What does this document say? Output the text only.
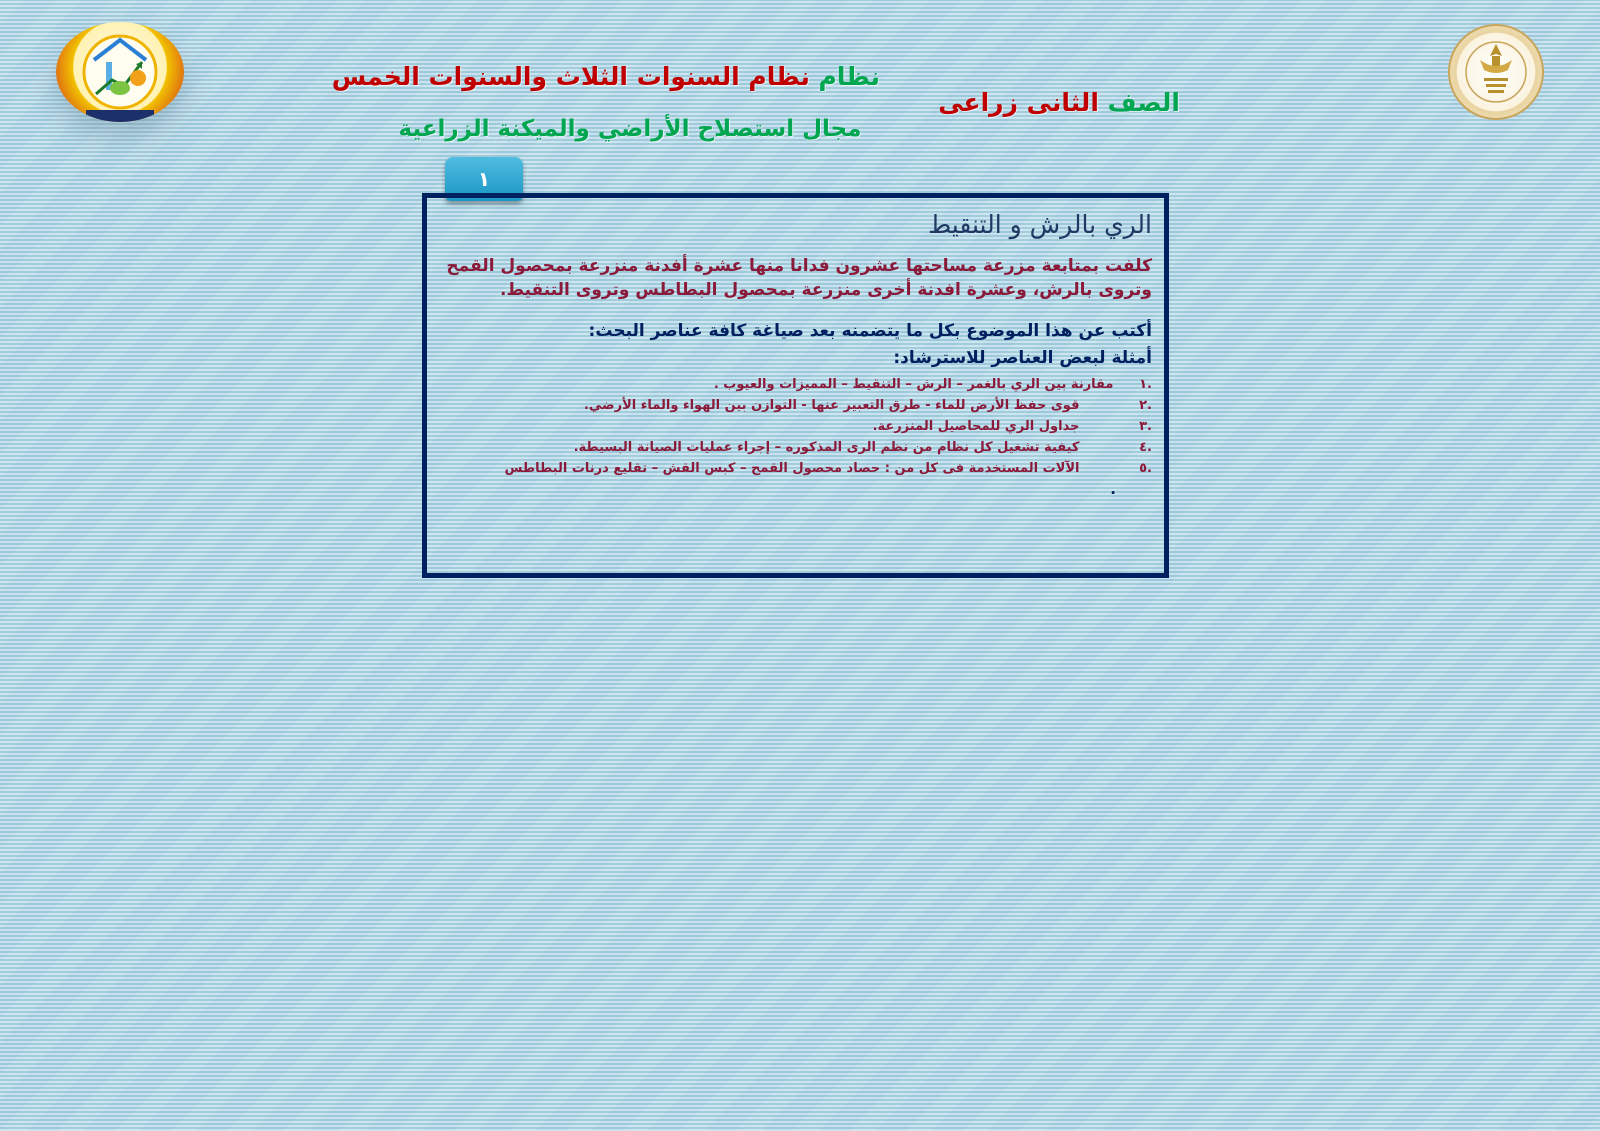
نظام نظام السنوات الثلاث والسنوات الخمس
الصف الثانى زراعى
مجال استصلاح الأراضي والميكنة الزراعية
١
الري بالرش و التنقيط
كلفت بمتابعة مزرعة مساحتها عشرون فدانا منها عشرة أفدنة منزرعة بمحصول القمح وتروى بالرش، وعشرة افدنة أخرى منزرعة بمحصول البطاطس وتروى التنقيط.
أكتب عن هذا الموضوع بكل ما يتضمنه بعد صياغة كافة عناصر البحث:
أمثلة لبعض العناصر للاسترشاد:
.١ مقارنة بين الري بالغمر – الرش – التنقيط – المميزات والعيوب .
.٢ قوى حفظ الأرض للماء - طرق التعبير عنها - التوازن بين الهواء والماء الأرضي.
.٣ جداول الري للمحاصيل المنزرعة.
.٤ كيفية تشغيل كل نظام من نظم الرى المذكوره – إجراء عمليات الصيانة البسيطة.
.٥ الآلات المستخدمة فى كل من : حصاد محصول القمح – كبس القش – تقليع درنات البطاطس
.
